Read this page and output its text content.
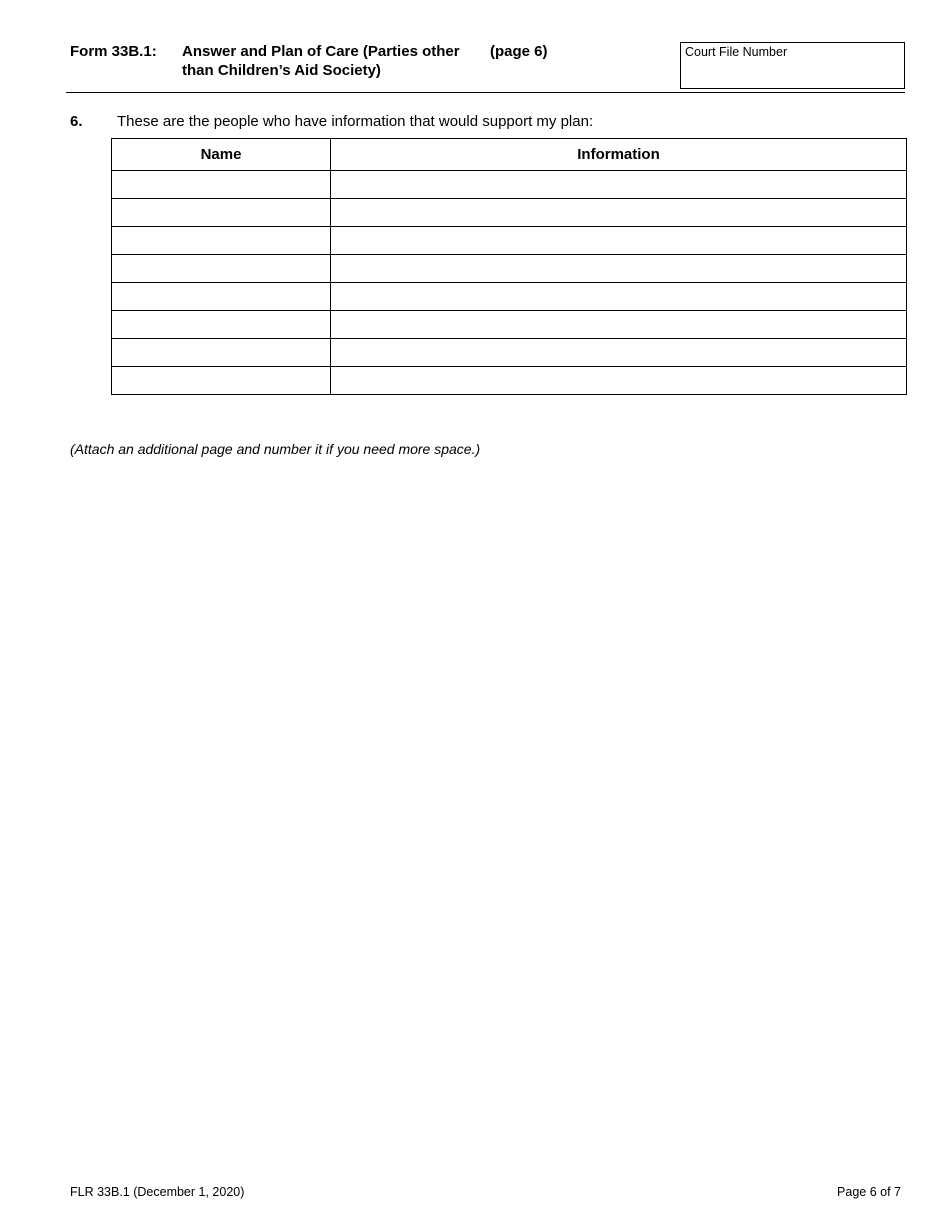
Form 33B.1: Answer and Plan of Care (Parties other
than Children’s Aid Society)
(page 6)	Court File Number
6. These are the people who have information that would support my plan:
Name	Information

(Attach an additional page and number it if you need more space.)
FLR 33B.1 (December 1, 2020)	Page 6 of 7
